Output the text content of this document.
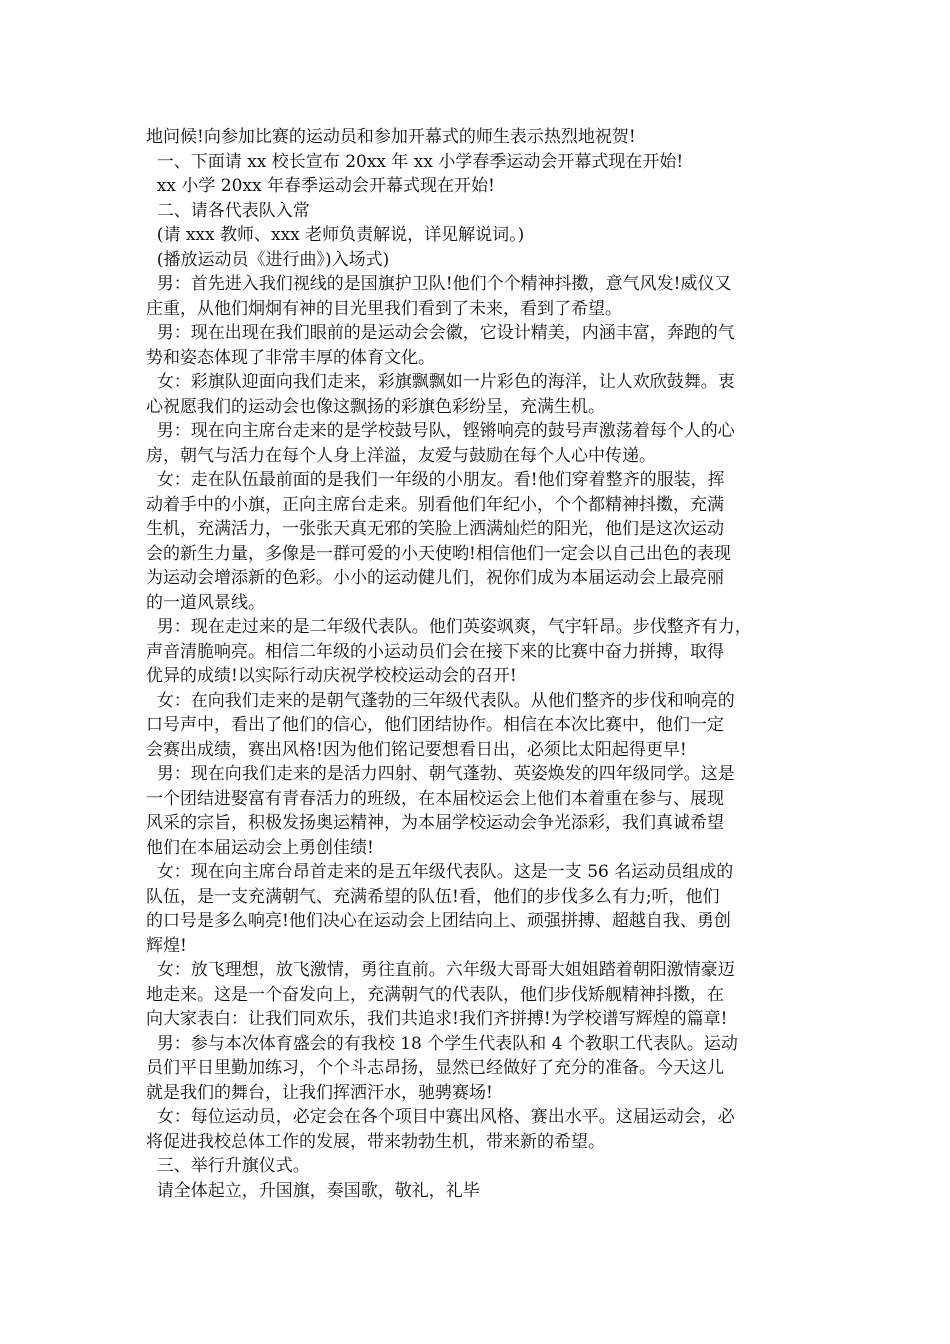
地问候!向参加比赛的运动员和参加开幕式的师生表示热烈地祝贺!
一、下面请 xx 校长宣布 20xx 年 xx 小学春季运动会开幕式现在开始!
xx 小学 20xx 年春季运动会开幕式现在开始!
二、请各代表队入常
(请 xxx 教师、xxx 老师负责解说，详见解说词。)
(播放运动员《进行曲》)入场式)
男：首先进入我们视线的是国旗护卫队!他们个个精神抖擞，意气风发!威仪又
庄重，从他们炯炯有神的目光里我们看到了未来，看到了希望。
男：现在出现在我们眼前的是运动会会徽，它设计精美，内涵丰富，奔跑的气
势和姿态体现了非常丰厚的体育文化。
女：彩旗队迎面向我们走来，彩旗飘飘如一片彩色的海洋，让人欢欣鼓舞。衷
心祝愿我们的运动会也像这飘扬的彩旗色彩纷呈，充满生机。
男：现在向主席台走来的是学校鼓号队，铿锵响亮的鼓号声激荡着每个人的心
房，朝气与活力在每个人身上洋溢，友爱与鼓励在每个人心中传递。
女：走在队伍最前面的是我们一年级的小朋友。看!他们穿着整齐的服装，挥
动着手中的小旗，正向主席台走来。别看他们年纪小，个个都精神抖擞，充满
生机，充满活力，一张张天真无邪的笑脸上洒满灿烂的阳光，他们是这次运动
会的新生力量，多像是一群可爱的小天使哟!相信他们一定会以自己出色的表现
为运动会增添新的色彩。小小的运动健儿们，祝你们成为本届运动会上最亮丽
的一道风景线。
男：现在走过来的是二年级代表队。他们英姿飒爽，气宇轩昂。步伐整齐有力，
声音清脆响亮。相信二年级的小运动员们会在接下来的比赛中奋力拼搏，取得
优异的成绩!以实际行动庆祝学校校运动会的召开!
女：在向我们走来的是朝气蓬勃的三年级代表队。从他们整齐的步伐和响亮的
口号声中，看出了他们的信心，他们团结协作。相信在本次比赛中，他们一定
会赛出成绩，赛出风格!因为他们铭记要想看日出，必须比太阳起得更早!
男：现在向我们走来的是活力四射、朝气蓬勃、英姿焕发的四年级同学。这是
一个团结进娶富有青春活力的班级，在本届校运会上他们本着重在参与、展现
风采的宗旨，积极发扬奥运精神，为本届学校运动会争光添彩，我们真诚希望
他们在本届运动会上勇创佳绩!
女：现在向主席台昂首走来的是五年级代表队。这是一支 56 名运动员组成的
队伍，是一支充满朝气、充满希望的队伍!看，他们的步伐多么有力;听，他们
的口号是多么响亮!他们决心在运动会上团结向上、顽强拼搏、超越自我、勇创
辉煌!
女：放飞理想，放飞激情，勇往直前。六年级大哥哥大姐姐踏着朝阳激情豪迈
地走来。这是一个奋发向上，充满朝气的代表队，他们步伐矫舰精神抖擞，在
向大家表白：让我们同欢乐，我们共追求!我们齐拼搏!为学校谱写辉煌的篇章!
男：参与本次体育盛会的有我校 18 个学生代表队和 4 个教职工代表队。运动
员们平日里勤加练习，个个斗志昂扬，显然已经做好了充分的准备。今天这儿
就是我们的舞台，让我们挥洒汗水，驰骋赛场!
女：每位运动员，必定会在各个项目中赛出风格、赛出水平。这届运动会，必
将促进我校总体工作的发展，带来勃勃生机，带来新的希望。
三、举行升旗仪式。
请全体起立，升国旗，奏国歌，敬礼，礼毕
